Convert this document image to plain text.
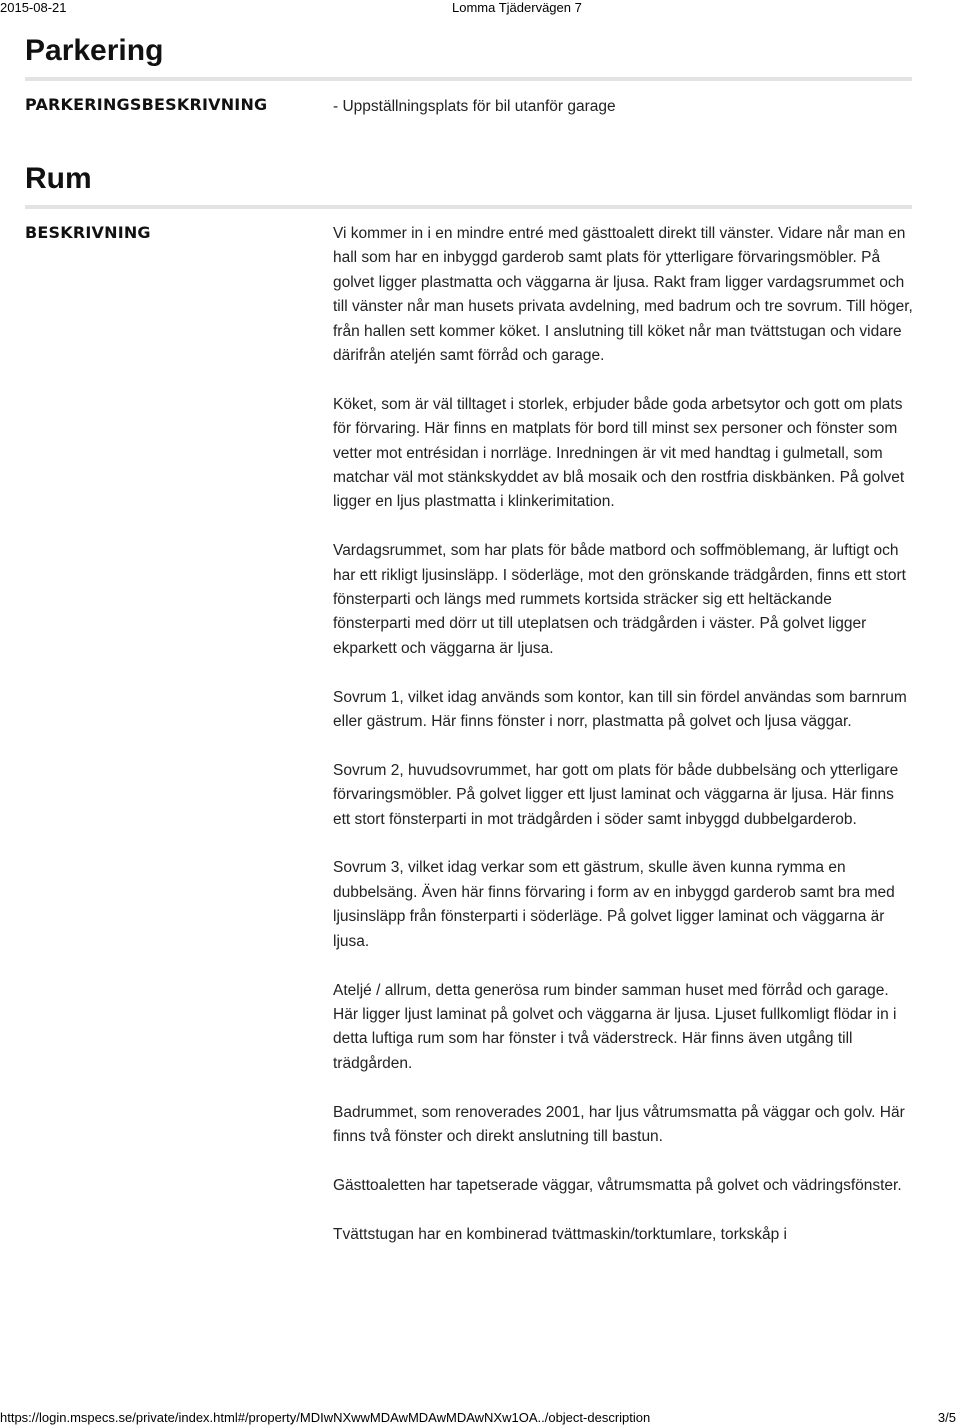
2015-08-21	Lomma Tjädervägen 7
Parkering
PARKERINGSBESKRIVNING	- Uppställningsplats för bil utanför garage
Rum
BESKRIVNING	Vi kommer in i en mindre entré med gästtoalett direkt till vänster. Vidare når man en hall som har en inbyggd garderob samt plats för ytterligare förvaringsmöbler. På golvet ligger plastmatta och väggarna är ljusa. Rakt fram ligger vardagsrummet och till vänster når man husets privata avdelning, med badrum och tre sovrum. Till höger, från hallen sett kommer köket. I anslutning till köket når man tvättstugan och vidare därifrån ateljén samt förråd och garage.

Köket, som är väl tilltaget i storlek, erbjuder både goda arbetsytor och gott om plats för förvaring. Här finns en matplats för bord till minst sex personer och fönster som vetter mot entrésidan i norrläge. Inredningen är vit med handtag i gulmetall, som matchar väl mot stänkskyddet av blå mosaik och den rostfria diskbänken. På golvet ligger en ljus plastmatta i klinkerimitation.

Vardagsrummet, som har plats för både matbord och soffmöblemang, är luftigt och har ett rikligt ljusinsläpp. I söderläge, mot den grönskande trädgården, finns ett stort fönsterparti och längs med rummets kortsida sträcker sig ett heltäckande fönsterparti med dörr ut till uteplatsen och trädgården i väster. På golvet ligger ekparkett och väggarna är ljusa.

Sovrum 1, vilket idag används som kontor, kan till sin fördel användas som barnrum eller gästrum. Här finns fönster i norr, plastmatta på golvet och ljusa väggar.

Sovrum 2, huvudsovrummet, har gott om plats för både dubbelsäng och ytterligare förvaringsmöbler. På golvet ligger ett ljust laminat och väggarna är ljusa. Här finns ett stort fönsterparti in mot trädgården i söder samt inbyggd dubbelgarderob.

Sovrum 3, vilket idag verkar som ett gästrum, skulle även kunna rymma en dubbelsäng. Även här finns förvaring i form av en inbyggd garderob samt bra med ljusinsläpp från fönsterparti i söderläge. På golvet ligger laminat och väggarna är ljusa.

Ateljé / allrum, detta generösa rum binder samman huset med förråd och garage. Här ligger ljust laminat på golvet och väggarna är ljusa. Ljuset fullkomligt flödar in i detta luftiga rum som har fönster i två väderstreck. Här finns även utgång till trädgården.

Badrummet, som renoverades 2001, har ljus våtrumsmatta på väggar och golv. Här finns två fönster och direkt anslutning till bastun.

Gästtoaletten har tapetserade väggar, våtrumsmatta på golvet och vädringsfönster.

Tvättstugan har en kombinerad tvättmaskin/torktumlare, torkskåp i

https://login.mspecs.se/private/index.html#/property/MDIwNXwwMDAwMDAwMDAwNXw1OA../object-description	3/5
